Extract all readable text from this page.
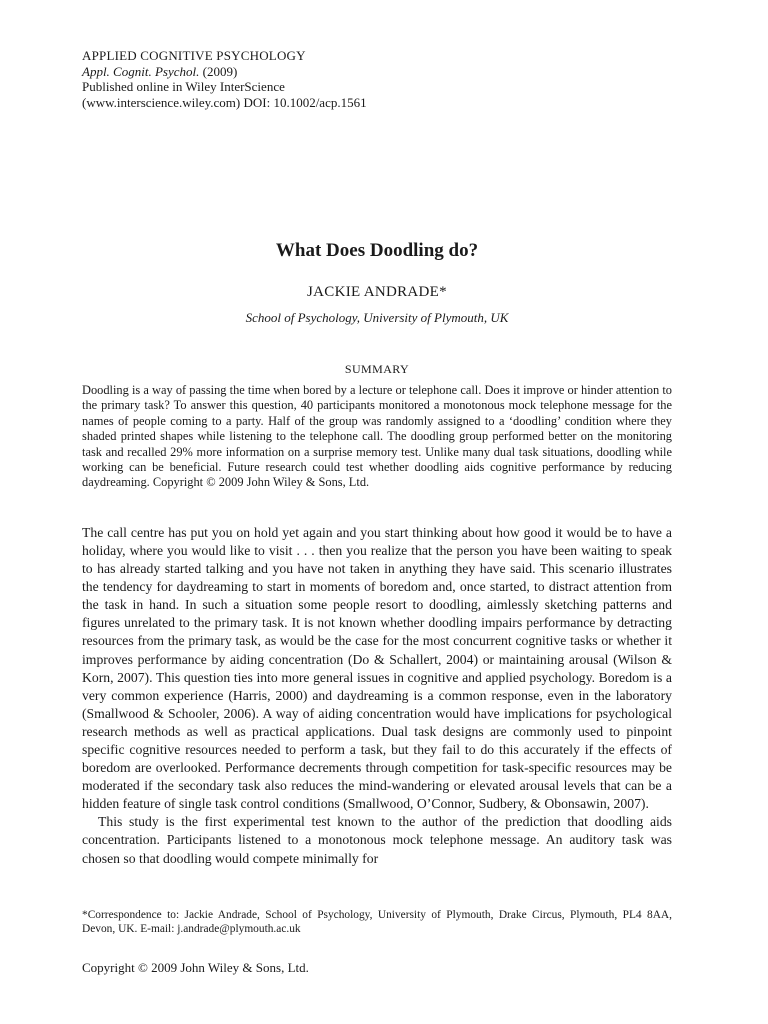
APPLIED COGNITIVE PSYCHOLOGY
Appl. Cognit. Psychol. (2009)
Published online in Wiley InterScience
(www.interscience.wiley.com) DOI: 10.1002/acp.1561
What Does Doodling do?
JACKIE ANDRADE*
School of Psychology, University of Plymouth, UK
SUMMARY
Doodling is a way of passing the time when bored by a lecture or telephone call. Does it improve or hinder attention to the primary task? To answer this question, 40 participants monitored a monotonous mock telephone message for the names of people coming to a party. Half of the group was randomly assigned to a ‘doodling’ condition where they shaded printed shapes while listening to the telephone call. The doodling group performed better on the monitoring task and recalled 29% more information on a surprise memory test. Unlike many dual task situations, doodling while working can be beneficial. Future research could test whether doodling aids cognitive performance by reducing daydreaming. Copyright © 2009 John Wiley & Sons, Ltd.

The call centre has put you on hold yet again and you start thinking about how good it would be to have a holiday, where you would like to visit . . . then you realize that the person you have been waiting to speak to has already started talking and you have not taken in anything they have said. This scenario illustrates the tendency for daydreaming to start in moments of boredom and, once started, to distract attention from the task in hand. In such a situation some people resort to doodling, aimlessly sketching patterns and figures unrelated to the primary task. It is not known whether doodling impairs performance by detracting resources from the primary task, as would be the case for the most concurrent cognitive tasks or whether it improves performance by aiding concentration (Do & Schallert, 2004) or maintaining arousal (Wilson & Korn, 2007). This question ties into more general issues in cognitive and applied psychology. Boredom is a very common experience (Harris, 2000) and daydreaming is a common response, even in the laboratory (Smallwood & Schooler, 2006). A way of aiding concentration would have implications for psychological research methods as well as practical applications. Dual task designs are commonly used to pinpoint specific cognitive resources needed to perform a task, but they fail to do this accurately if the effects of boredom are overlooked. Performance decrements through competition for task-specific resources may be moderated if the secondary task also reduces the mind-wandering or elevated arousal levels that can be a hidden feature of single task control conditions (Smallwood, O’Connor, Sudbery, & Obonsawin, 2007).

This study is the first experimental test known to the author of the prediction that doodling aids concentration. Participants listened to a monotonous mock telephone message. An auditory task was chosen so that doodling would compete minimally for

*Correspondence to: Jackie Andrade, School of Psychology, University of Plymouth, Drake Circus, Plymouth, PL4 8AA, Devon, UK. E-mail: j.andrade@plymouth.ac.uk
Copyright © 2009 John Wiley & Sons, Ltd.
